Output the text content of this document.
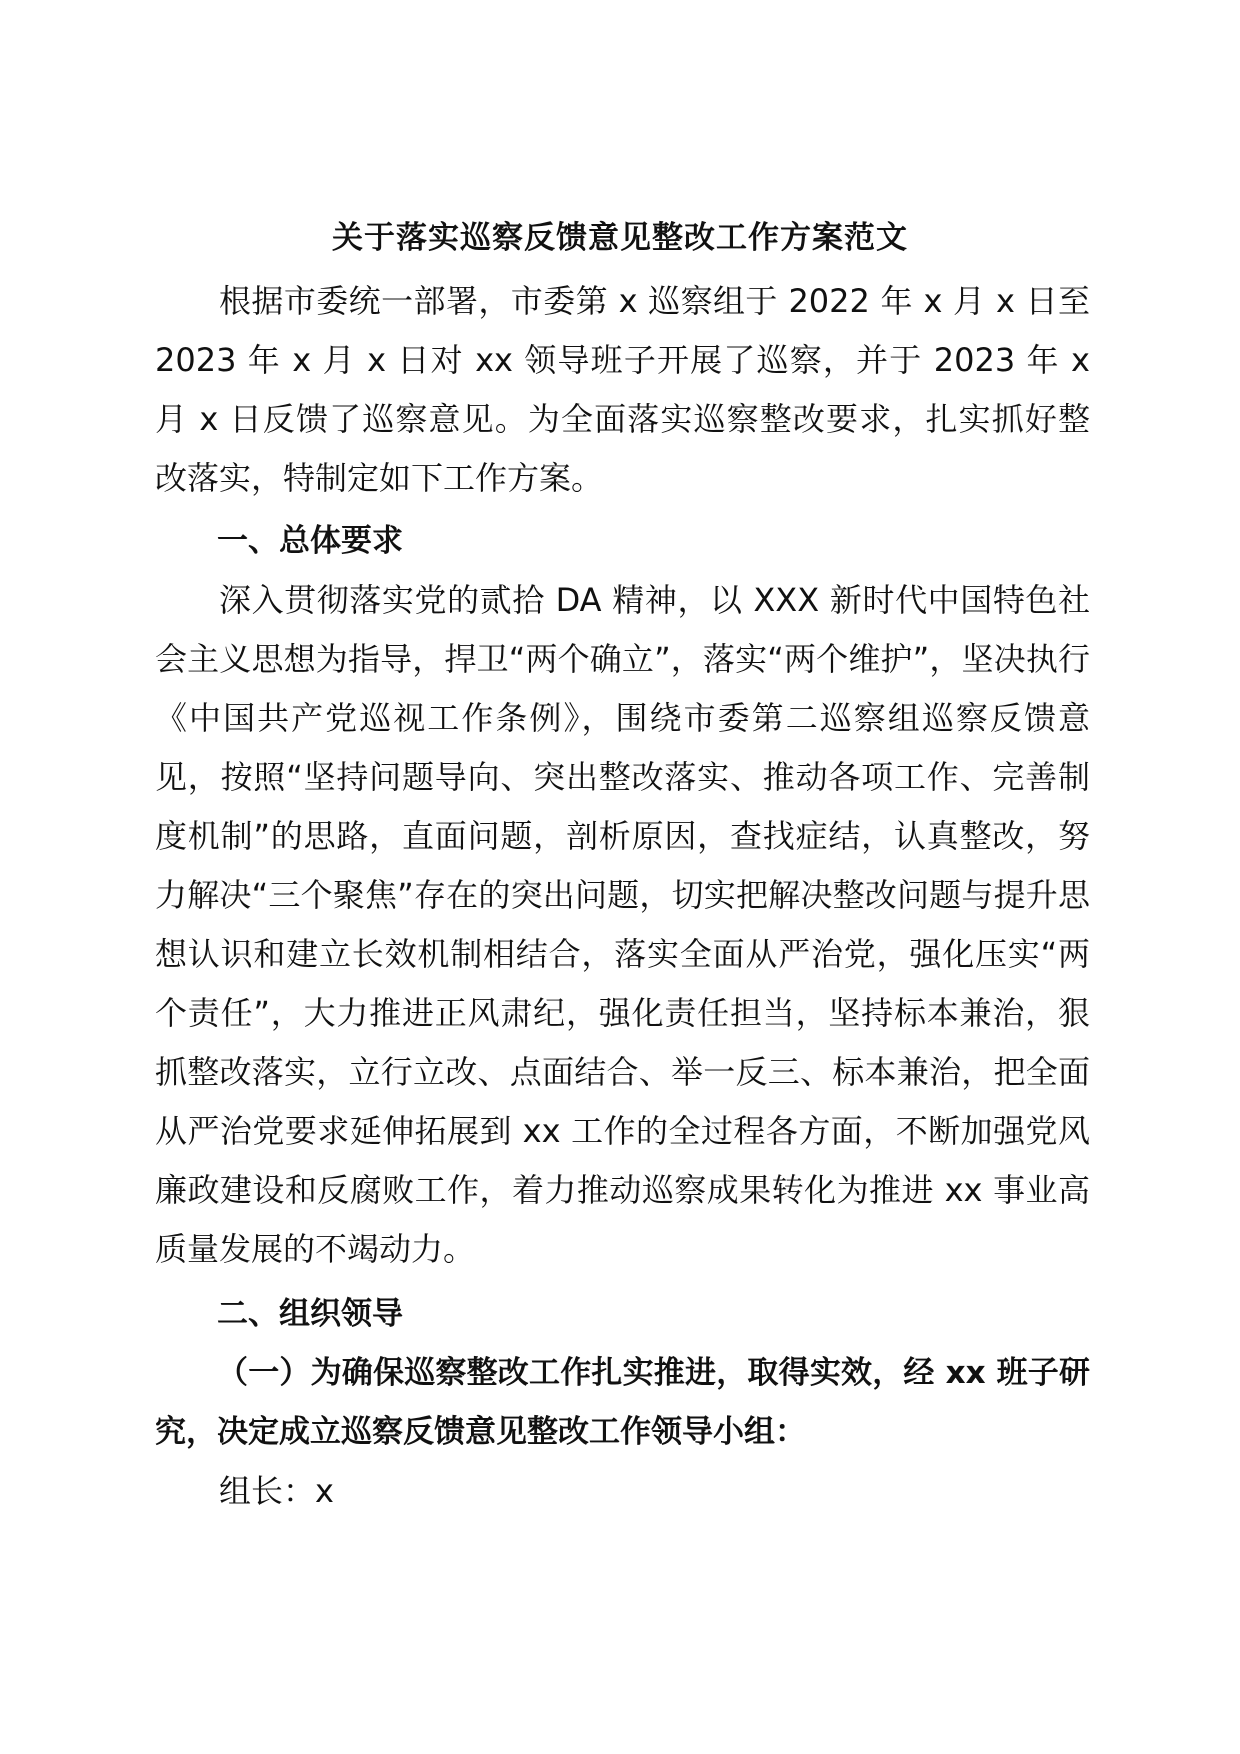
关于落实巡察反馈意见整改工作方案范文

根据市委统一部署，市委第 x 巡察组于 2022 年 x 月 x 日至 2023 年 x 月 x 日对 xx 领导班子开展了巡察，并于 2023 年 x 月 x 日反馈了巡察意见。为全面落实巡察整改要求，扎实抓好整改落实，特制定如下工作方案。

一、总体要求

深入贯彻落实党的贰拾 DA 精神，以 XXX 新时代中国特色社会主义思想为指导，捍卫“两个确立”，落实“两个维护”，坚决执行《中国共产党巡视工作条例》，围绕市委第二巡察组巡察反馈意见，按照“坚持问题导向、突出整改落实、推动各项工作、完善制度机制”的思路，直面问题，剖析原因，查找症结，认真整改，努力解决“三个聚焦”存在的突出问题，切实把解决整改问题与提升思想认识和建立长效机制相结合，落实全面从严治党，强化压实“两个责任”，大力推进正风肃纪，强化责任担当，坚持标本兼治，狠抓整改落实，立行立改、点面结合、举一反三、标本兼治，把全面从严治党要求延伸拓展到 xx 工作的全过程各方面，不断加强党风廉政建设和反腐败工作，着力推动巡察成果转化为推进 xx 事业高质量发展的不竭动力。

二、组织领导

（一）为确保巡察整改工作扎实推进，取得实效，经 xx 班子研究，决定成立巡察反馈意见整改工作领导小组：

组长：x
